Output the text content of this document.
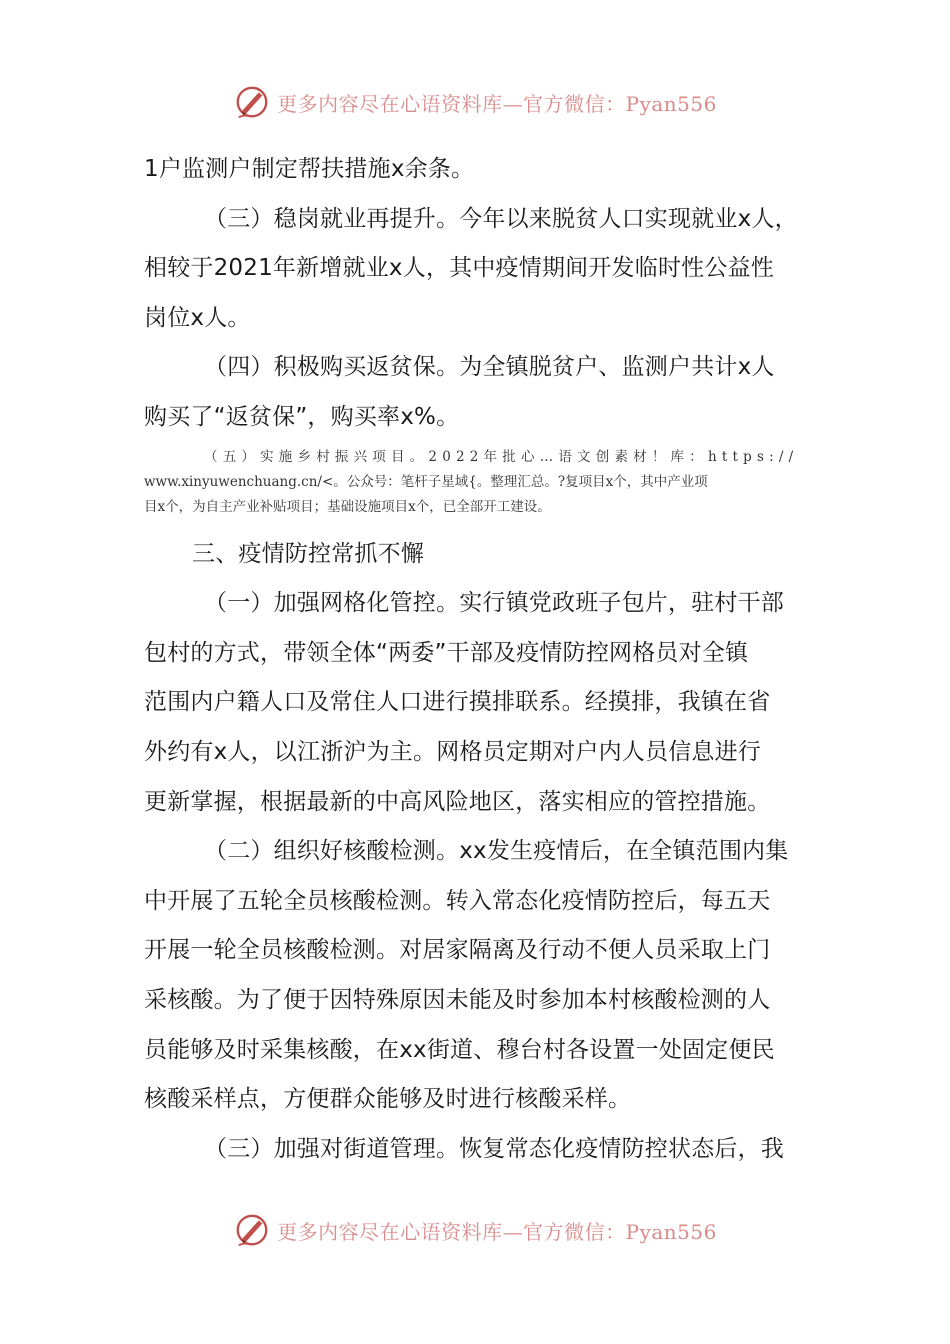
更多内容尽在心语资料库—官方微信：Pyan556

1户监测户制定帮扶措施x余条。

（三）稳岗就业再提升。今年以来脱贫人口实现就业x人，

相较于2021年新增就业x人，其中疫情期间开发临时性公益性

岗位x人。

（四）积极购买返贫保。为全镇脱贫户、监测户共计x人

购买了“返贫保”，购买率x%。

（五）实施乡村振兴项目。2022年批心…语文创素材！库：https://
www.xinyuwenchuang.cn/<。公众号：笔杆子星域{。整理汇总。?复项目x个，其中产业项
目x个，为自主产业补贴项目；基础设施项目x个，已全部开工建设。

三、疫情防控常抓不懈

（一）加强网格化管控。实行镇党政班子包片，驻村干部

包村的方式，带领全体“两委”干部及疫情防控网格员对全镇

范围内户籍人口及常住人口进行摸排联系。经摸排，我镇在省

外约有x人，以江浙沪为主。网格员定期对户内人员信息进行

更新掌握，根据最新的中高风险地区，落实相应的管控措施。

（二）组织好核酸检测。xx发生疫情后，在全镇范围内集

中开展了五轮全员核酸检测。转入常态化疫情防控后，每五天

开展一轮全员核酸检测。对居家隔离及行动不便人员采取上门

采核酸。为了便于因特殊原因未能及时参加本村核酸检测的人

员能够及时采集核酸，在xx街道、穆台村各设置一处固定便民

核酸采样点，方便群众能够及时进行核酸采样。

（三）加强对街道管理。恢复常态化疫情防控状态后，我

更多内容尽在心语资料库—官方微信：Pyan556
